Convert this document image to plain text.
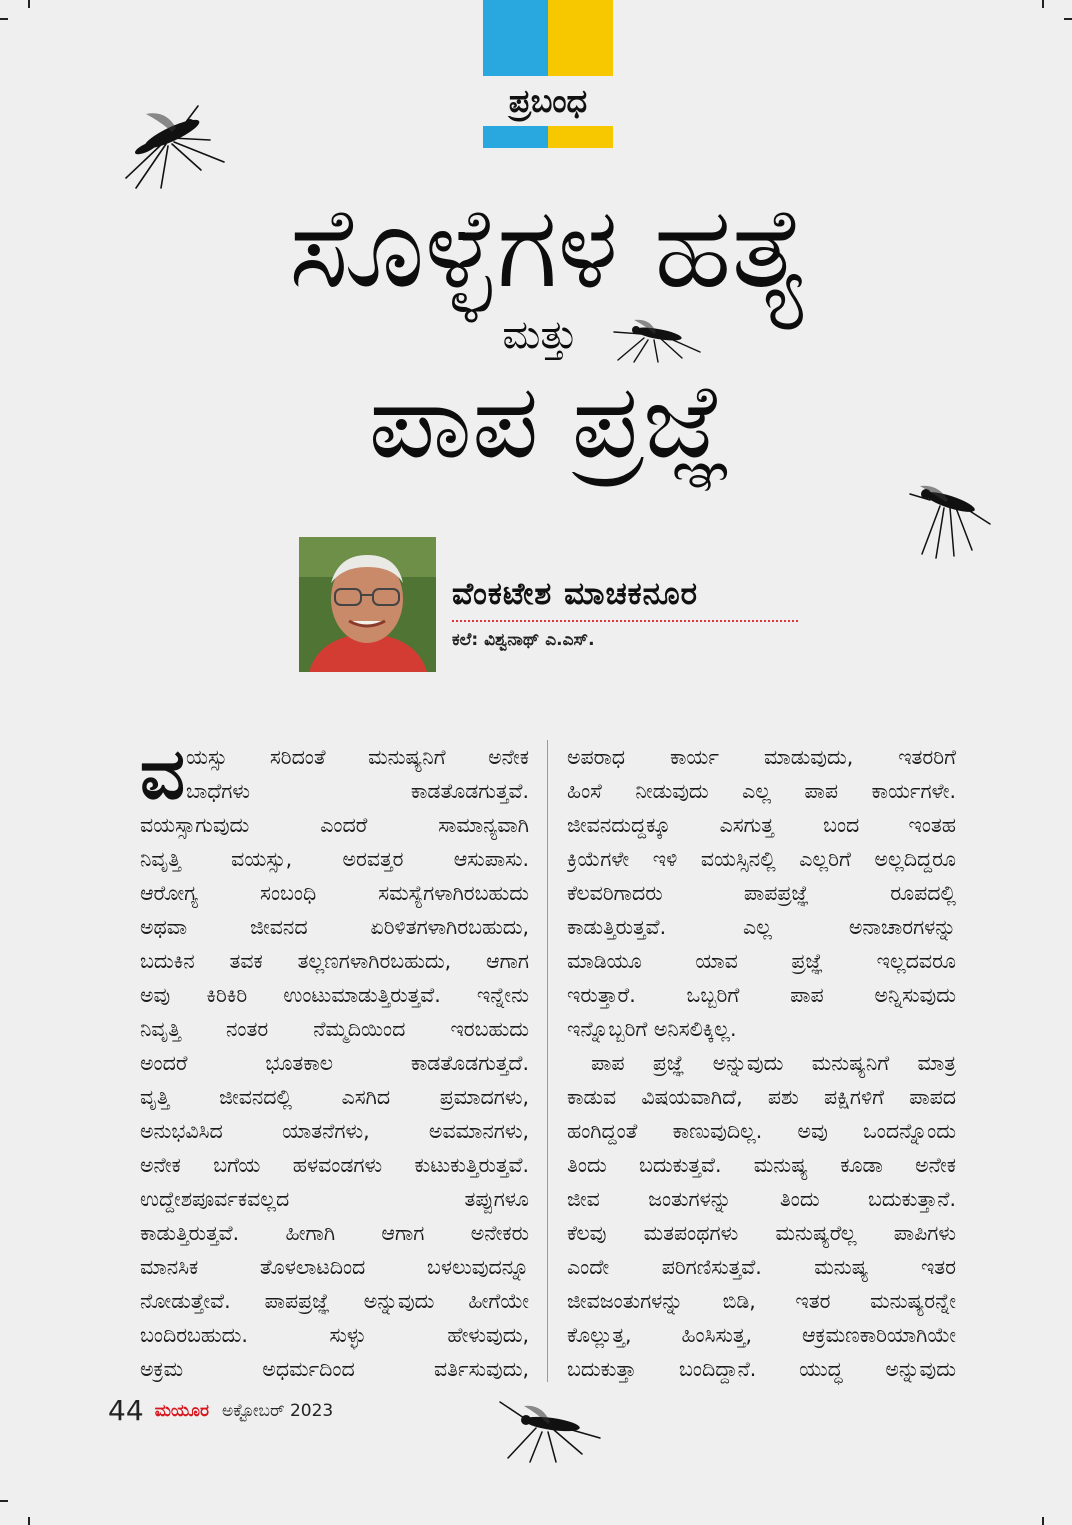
ಪ್ರಬಂಧ
ಸೊಳ್ಳೆಗಳ ಹತ್ಯೆ
ಮತ್ತು
ಪಾಪ ಪ್ರಜ್ಞೆ
ವೆಂಕಟೇಶ ಮಾಚಕನೂರ
ಕಲೆ: ವಿಶ್ವನಾಥ್ ಎ.ಎಸ್.
ವ ಯಸ್ಸು ಸರಿದಂತೆ ಮನುಷ್ಯನಿಗೆ ಅನೇಕ
ಬಾಧೆಗಳು ಕಾಡತೊಡಗುತ್ತವೆ.
ವಯಸ್ಸಾಗುವುದು ಎಂದರೆ ಸಾಮಾನ್ಯವಾಗಿ
ನಿವೃತ್ತಿ ವಯಸ್ಸು, ಅರವತ್ತರ ಆಸುಪಾಸು.
ಆರೋಗ್ಯ ಸಂಬಂಧಿ ಸಮಸ್ಯೆಗಳಾಗಿರಬಹುದು
ಅಥವಾ ಜೀವನದ ಏರಿಳಿತಗಳಾಗಿರಬಹುದು,
ಬದುಕಿನ ತವಕ ತಲ್ಲಣಗಳಾಗಿರಬಹುದು, ಆಗಾಗ
ಅವು ಕಿರಿಕಿರಿ ಉಂಟುಮಾಡುತ್ತಿರುತ್ತವೆ. ಇನ್ನೇನು
ನಿವೃತ್ತಿ ನಂತರ ನೆಮ್ಮದಿಯಿಂದ ಇರಬಹುದು
ಅಂದರೆ ಭೂತಕಾಲ ಕಾಡತೊಡಗುತ್ತದೆ.
ವೃತ್ತಿ ಜೀವನದಲ್ಲಿ ಎಸಗಿದ ಪ್ರಮಾದಗಳು,
ಅನುಭವಿಸಿದ ಯಾತನೆಗಳು, ಅವಮಾನಗಳು,
ಅನೇಕ ಬಗೆಯ ಹಳವಂಡಗಳು ಕುಟುಕುತ್ತಿರುತ್ತವೆ.
ಉದ್ದೇಶಪೂರ್ವಕವಲ್ಲದ ತಪ್ಪುಗಳೂ
ಕಾಡುತ್ತಿರುತ್ತವೆ. ಹೀಗಾಗಿ ಆಗಾಗ ಅನೇಕರು
ಮಾನಸಿಕ ತೊಳಲಾಟದಿಂದ ಬಳಲುವುದನ್ನೂ
ನೋಡುತ್ತೇವೆ. ಪಾಪಪ್ರಜ್ಞೆ ಅನ್ನುವುದು ಹೀಗೆಯೇ
ಬಂದಿರಬಹುದು. ಸುಳ್ಳು ಹೇಳುವುದು,
ಅಕ್ರಮ ಅಧರ್ಮದಿಂದ ವರ್ತಿಸುವುದು,
ಅಪರಾಧ ಕಾರ್ಯ ಮಾಡುವುದು, ಇತರರಿಗೆ
ಹಿಂಸೆ ನೀಡುವುದು ಎಲ್ಲ ಪಾಪ ಕಾರ್ಯಗಳೇ.
ಜೀವನದುದ್ದಕ್ಕೂ ಎಸಗುತ್ತ ಬಂದ ಇಂತಹ
ಕ್ರಿಯೆಗಳೇ ಇಳಿ ವಯಸ್ಸಿನಲ್ಲಿ ಎಲ್ಲರಿಗೆ ಅಲ್ಲದಿದ್ದರೂ
ಕೆಲವರಿಗಾದರು ಪಾಪಪ್ರಜ್ಞೆ ರೂಪದಲ್ಲಿ
ಕಾಡುತ್ತಿರುತ್ತವೆ. ಎಲ್ಲ ಅನಾಚಾರಗಳನ್ನು
ಮಾಡಿಯೂ ಯಾವ ಪ್ರಜ್ಞೆ ಇಲ್ಲದವರೂ
ಇರುತ್ತಾರೆ. ಒಬ್ಬರಿಗೆ ಪಾಪ ಅನ್ನಿಸುವುದು
ಇನ್ನೊಬ್ಬರಿಗೆ ಅನಿಸಲಿಕ್ಕಿಲ್ಲ.
ಪಾಪ ಪ್ರಜ್ಞೆ ಅನ್ನುವುದು ಮನುಷ್ಯನಿಗೆ ಮಾತ್ರ
ಕಾಡುವ ವಿಷಯವಾಗಿದೆ, ಪಶು ಪಕ್ಷಿಗಳಿಗೆ ಪಾಪದ
ಹಂಗಿದ್ದಂತೆ ಕಾಣುವುದಿಲ್ಲ. ಅವು ಒಂದನ್ನೊಂದು
ತಿಂದು ಬದುಕುತ್ತವೆ. ಮನುಷ್ಯ ಕೂಡಾ ಅನೇಕ
ಜೀವ ಜಂತುಗಳನ್ನು ತಿಂದು ಬದುಕುತ್ತಾನೆ.
ಕೆಲವು ಮತಪಂಥಗಳು ಮನುಷ್ಯರೆಲ್ಲ ಪಾಪಿಗಳು
ಎಂದೇ ಪರಿಗಣಿಸುತ್ತವೆ. ಮನುಷ್ಯ ಇತರ
ಜೀವಜಂತುಗಳನ್ನು ಬಿಡಿ, ಇತರ ಮನುಷ್ಯರನ್ನೇ
ಕೊಲ್ಲುತ್ತ, ಹಿಂಸಿಸುತ್ತ, ಆಕ್ರಮಣಕಾರಿಯಾಗಿಯೇ
ಬದುಕುತ್ತಾ ಬಂದಿದ್ದಾನೆ. ಯುದ್ಧ ಅನ್ನುವುದು
44 ಮಯೂರ ಅಕ್ಟೋಬರ್ 2023
